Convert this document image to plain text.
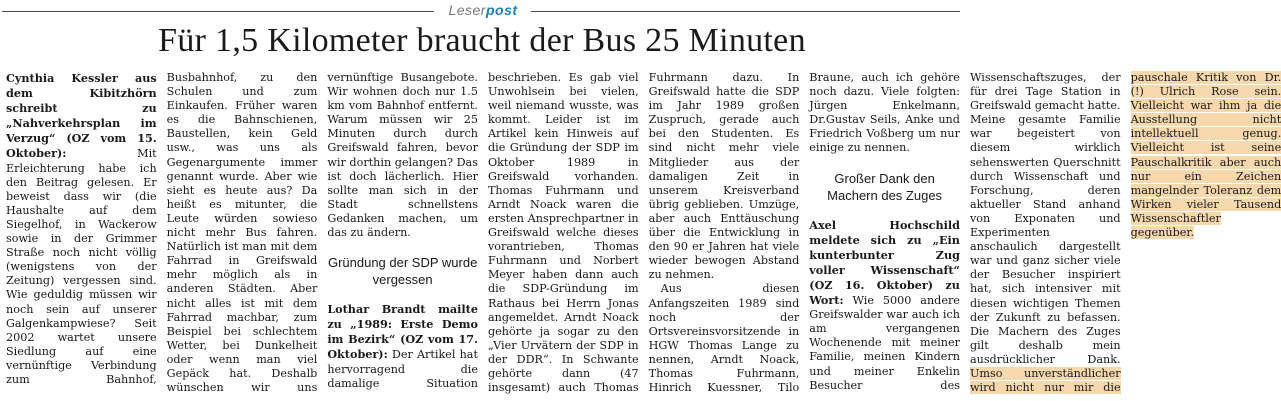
Leserpost
Für 1,5 Kilometer braucht der Bus 25 Minuten

Cynthia Kessler aus dem Kibitzhörn schreibt zu „Nahverkehrsplan im Verzug“ (OZ vom 15. Oktober): Mit Erleichterung habe ich den Beitrag gelesen. Er beweist dass wir (die Haushalte auf dem Siegelhof, in Wackerow sowie in der Grimmer Straße noch nicht völlig (wenigstens von der Zeitung) vergessen sind. Wie geduldig müssen wir noch sein auf unserer Galgenkampwiese? Seit 2002 wartet unsere Siedlung auf eine vernünftige Verbindung zum Bahnhof, Busbahnhof, zu den Schulen und zum Einkaufen. Früher waren es die Bahnschienen, Baustellen, kein Geld usw., was uns als Gegenargumente immer genannt wurde. Aber wie sieht es heute aus? Da heißt es mitunter, die Leute würden sowieso nicht mehr Bus fahren. Natürlich ist man mit dem Fahrrad in Greifswald mehr möglich als in anderen Städten. Aber nicht alles ist mit dem Fahrrad machbar, zum Beispiel bei schlechtem Wetter, bei Dunkelheit oder wenn man viel Gepäck hat. Deshalb wünschen wir uns vernünftige Busangebote. Wir wohnen doch nur 1.5 km vom Bahnhof entfernt. Warum müssen wir 25 Minuten durch durch Greifswald fahren, bevor wir dorthin gelangen? Das ist doch lächerlich. Hier sollte man sich in der Stadt schnellstens Gedanken machen, um das zu ändern.

Gründung der SDP wurde vergessen

Lothar Brandt mailte zu „1989: Erste Demo im Bezirk“ (OZ vom 17. Oktober): Der Artikel hat hervorragend die damalige Situation beschrieben. Es gab viel Unwohlsein bei vielen, weil niemand wusste, was kommt. Leider ist im Artikel kein Hinweis auf die Gründung der SDP im Oktober 1989 in Greifswald vorhanden. Thomas Fuhrmann und Arndt Noack waren die ersten Ansprechpartner in Greifswald welche dieses vorantrieben, Thomas Fuhrmann und Norbert Meyer haben dann auch die SDP-Gründung im Rathaus bei Herrn Jonas angemeldet. Arndt Noack gehörte ja sogar zu den „Vier Urvätern der SDP in der DDR“. In Schwante gehörte dann (47 insgesamt) auch Thomas Fuhrmann dazu. In Greifswald hatte die SDP im Jahr 1989 großen Zuspruch, gerade auch bei den Studenten. Es sind nicht mehr viele Mitglieder aus der damaligen Zeit in unserem Kreisverband übrig geblieben. Umzüge, aber auch Enttäuschung über die Entwicklung in den 90 er Jahren hat viele wieder bewogen Abstand zu nehmen.

Aus diesen Anfangszeiten 1989 sind noch der Ortsvereinsvorsitzende in HGW Thomas Lange zu nennen, Arndt Noack, Thomas Fuhrmann, Hinrich Kuessner, Tilo Braune, auch ich gehöre noch dazu. Viele folgten: Jürgen Enkelmann, Dr.Gustav Seils, Anke und Friedrich Voßberg um nur einige zu nennen.

Großer Dank den Machern des Zuges

Axel Hochschild meldete sich zu „Ein kunterbunter Zug voller Wissenschaft“ (OZ 16. Oktober) zu Wort: Wie 5000 andere Greifswalder war auch ich am vergangenen Wochenende mit meiner Familie, meinen Kindern und meiner Enkelin Besucher des Wissenschaftszuges, der für drei Tage Station in Greifswald gemacht hatte. Meine gesamte Familie war begeistert von diesem wirklich sehenswerten Querschnitt durch Wissenschaft und Forschung, deren aktueller Stand anhand von Exponaten und Experimenten anschaulich dargestellt war und ganz sicher viele der Besucher inspiriert hat, sich intensiver mit diesen wichtigen Themen der Zukunft zu befassen. Die Machern des Zuges gilt deshalb mein ausdrücklicher Dank. Umso unverständlicher wird nicht nur mir die pauschale Kritik von Dr. (!) Ulrich Rose sein. Vielleicht war ihm ja die Ausstellung nicht intellektuell genug. Vielleicht ist seine Pauschalkritik aber auch nur ein Zeichen mangelnder Toleranz dem Wirken vieler Tausend Wissenschaftler gegenüber.
